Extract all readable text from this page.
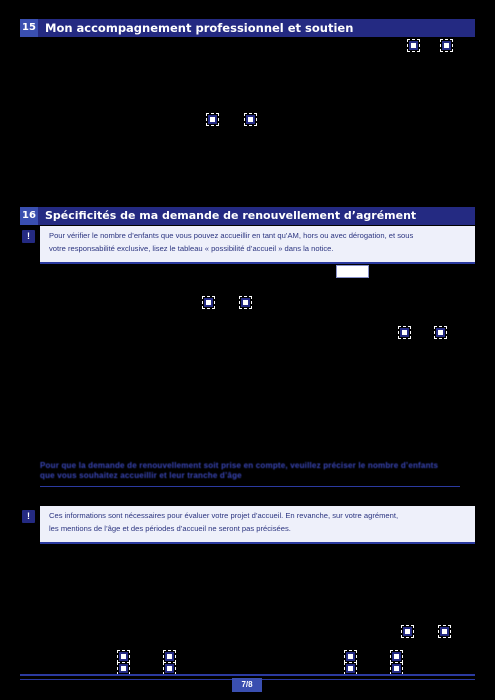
15 Mon accompagnement professionnel et soutien
16 Spécificités de ma demande de renouvellement d’agrément
!	Pour vérifier le nombre d’enfants que vous pouvez accueillir en tant qu’AM, hors ou avec dérogation, et sous
votre responsabilité exclusive, lisez le tableau « possibilité d’accueil » dans la notice.
Pour que la demande de renouvellement soit prise en compte, veuillez préciser le nombre d’enfants
que vous souhaitez accueillir et leur tranche d’âge
!	Ces informations sont nécessaires pour évaluer votre projet d’accueil. En revanche, sur votre agrément,
les mentions de l’âge et des périodes d’accueil ne seront pas précisées.
7/8
